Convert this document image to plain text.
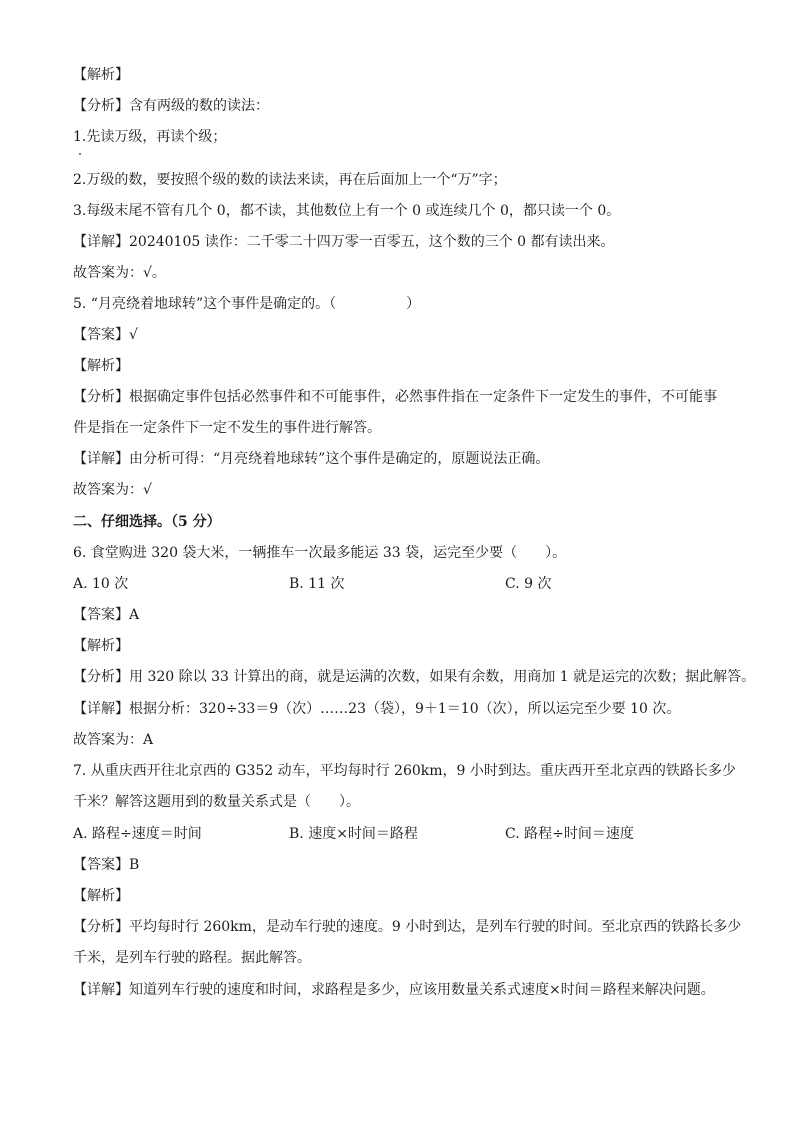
【解析】
【分析】含有两级的数的读法：
1.先读万级，再读个级；
2.万级的数，要按照个级的数的读法来读，再在后面加上一个“万”字；
3.每级末尾不管有几个 0，都不读，其他数位上有一个 0 或连续几个 0，都只读一个 0。
【详解】20240105 读作：二千零二十四万零一百零五，这个数的三个 0 都有读出来。
故答案为：√。
5. “月亮绕着地球转”这个事件是确定的。（　　　　　）
【答案】√
【解析】
【分析】根据确定事件包括必然事件和不可能事件，必然事件指在一定条件下一定发生的事件，不可能事
件是指在一定条件下一定不发生的事件进行解答。
【详解】由分析可得：“月亮绕着地球转”这个事件是确定的，原题说法正确。
故答案为：√
二、仔细选择。（5 分）
6. 食堂购进 320 袋大米，一辆推车一次最多能运 33 袋，运完至少要（　　）。
A. 10 次	B. 11 次	C. 9 次
【答案】A
【解析】
【分析】用 320 除以 33 计算出的商，就是运满的次数，如果有余数，用商加 1 就是运完的次数；据此解答。
【详解】根据分析：320÷33＝9（次）……23（袋），9＋1＝10（次），所以运完至少要 10 次。
故答案为：A
7. 从重庆西开往北京西的 G352 动车，平均每时行 260km，9 小时到达。重庆西开至北京西的铁路长多少
千米？解答这题用到的数量关系式是（　　）。
A. 路程÷速度＝时间	B. 速度×时间＝路程	C. 路程÷时间＝速度
【答案】B
【解析】
【分析】平均每时行 260km，是动车行驶的速度。9 小时到达，是列车行驶的时间。至北京西的铁路长多少
千米，是列车行驶的路程。据此解答。
【详解】知道列车行驶的速度和时间，求路程是多少，应该用数量关系式速度×时间＝路程来解决问题。
